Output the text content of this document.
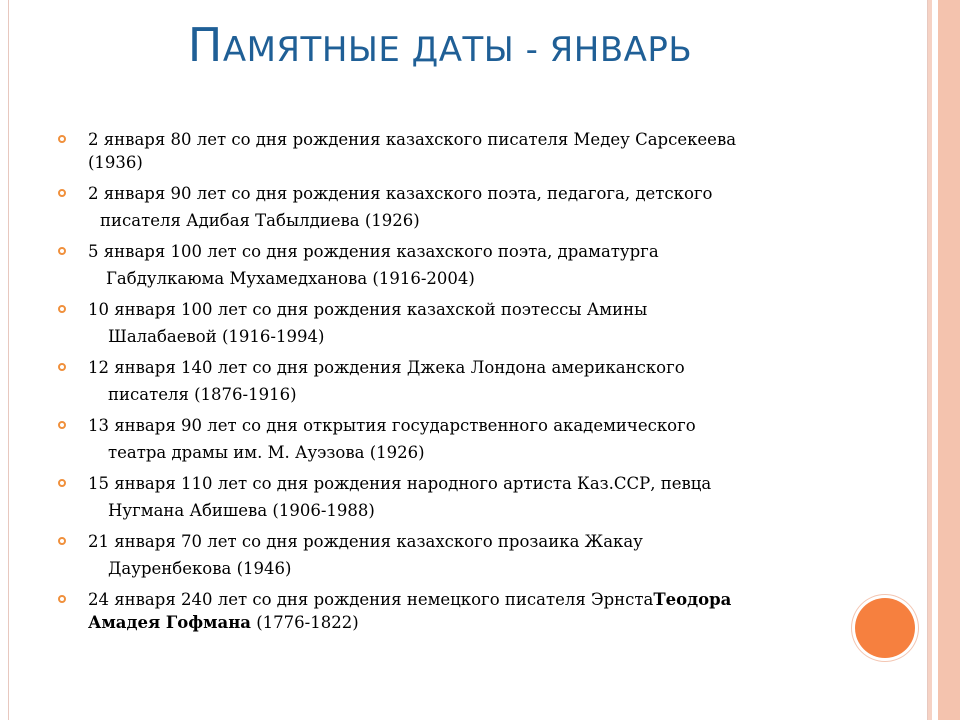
ПАМЯТНЫЕ ДАТЫ - ЯНВАРЬ
2 января 80 лет со дня рождения казахского писателя Медеу Сарсекеева
(1936)
2 января 90 лет со дня рождения казахского поэта, педагога, детского
писателя Адибая Табылдиева (1926)
5 января 100 лет со дня рождения казахского поэта, драматурга
Габдулкаюма Мухамедханова (1916-2004)
10 января 100 лет со дня рождения казахской поэтессы Амины
Шалабаевой (1916-1994)
12 января 140 лет со дня рождения Джека Лондона американского
писателя (1876-1916)
13 января 90 лет со дня открытия государственного академического
театра драмы им. М. Ауэзова (1926)
15 января 110 лет со дня рождения народного артиста Каз.ССР, певца
Нугмана Абишева (1906-1988)
21 января 70 лет со дня рождения казахского прозаика Жакау
Дауренбекова (1946)
24 января 240 лет со дня рождения немецкого писателя ЭрнстаТеодора
Амадея Гофмана (1776-1822)
